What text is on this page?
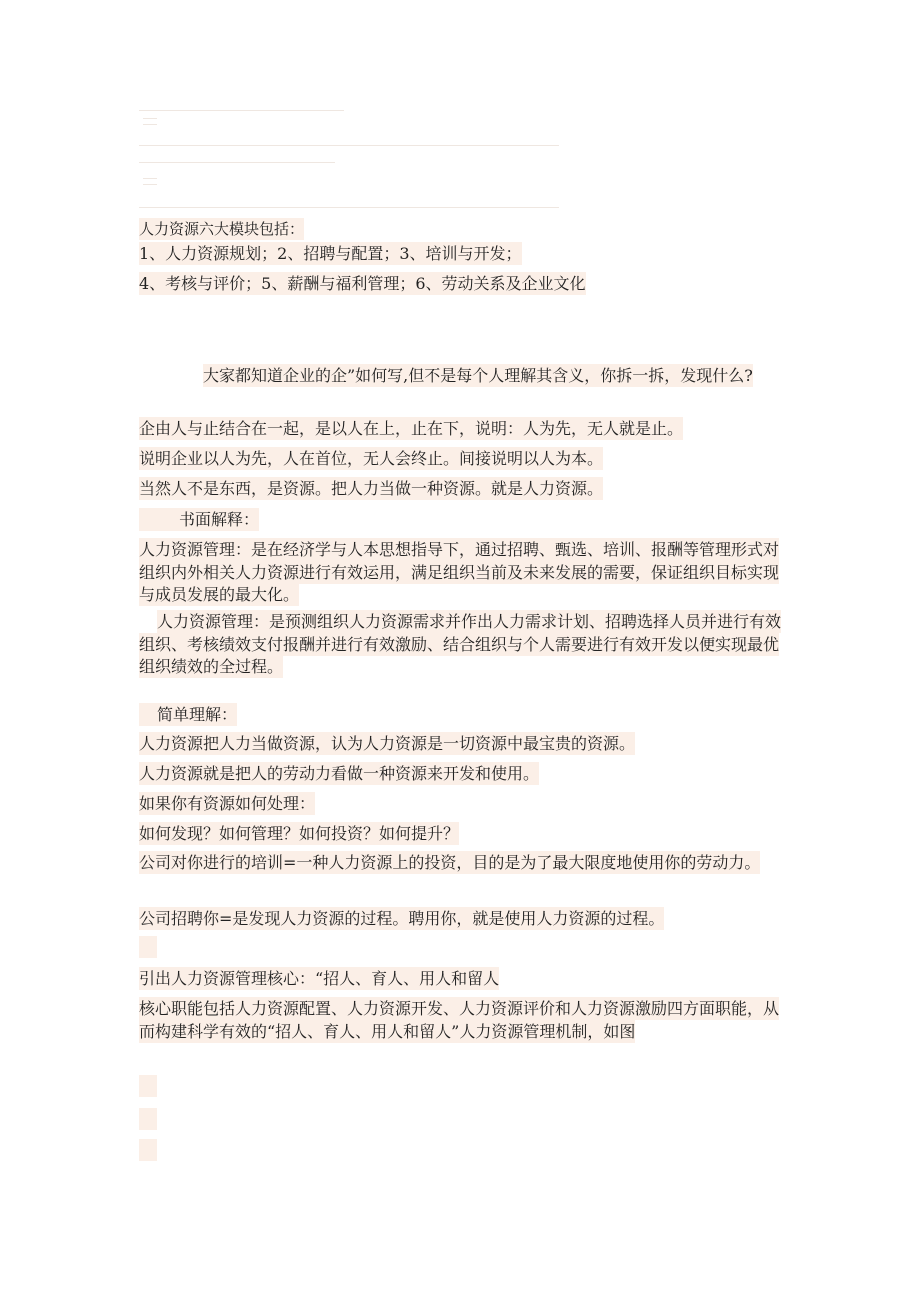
人力资源六大模块包括：
1、人力资源规划；2、招聘与配置；3、培训与开发；
4、考核与评价；5、薪酬与福利管理；6、劳动关系及企业文化
大家都知道企业的企”如何写,但不是每个人理解其含义，你拆一拆，发现什么?
企由人与止结合在一起，是以人在上，止在下，说明：人为先，无人就是止。
说明企业以人为先，人在首位，无人会终止。间接说明以人为本。
当然人不是东西，是资源。把人力当做一种资源。就是人力资源。
书面解释：
人力资源管理：是在经济学与人本思想指导下，通过招聘、甄选、培训、报酬等管理形式对组织内外相关人力资源进行有效运用，满足组织当前及未来发展的需要，保证组织目标实现与成员发展的最大化。
人力资源管理：是预测组织人力资源需求并作出人力需求计划、招聘选择人员并进行有效组织、考核绩效支付报酬并进行有效激励、结合组织与个人需要进行有效开发以便实现最优组织绩效的全过程。
简单理解：
人力资源把人力当做资源，认为人力资源是一切资源中最宝贵的资源。
人力资源就是把人的劳动力看做一种资源来开发和使用。
如果你有资源如何处理：
如何发现？如何管理？如何投资？如何提升？
公司对你进行的培训=一种人力资源上的投资，目的是为了最大限度地使用你的劳动力。
公司招聘你=是发现人力资源的过程。聘用你，就是使用人力资源的过程。
引出人力资源管理核心：“招人、育人、用人和留人
核心职能包括人力资源配置、人力资源开发、人力资源评价和人力资源激励四方面职能，从而构建科学有效的“招人、育人、用人和留人”人力资源管理机制，如图
